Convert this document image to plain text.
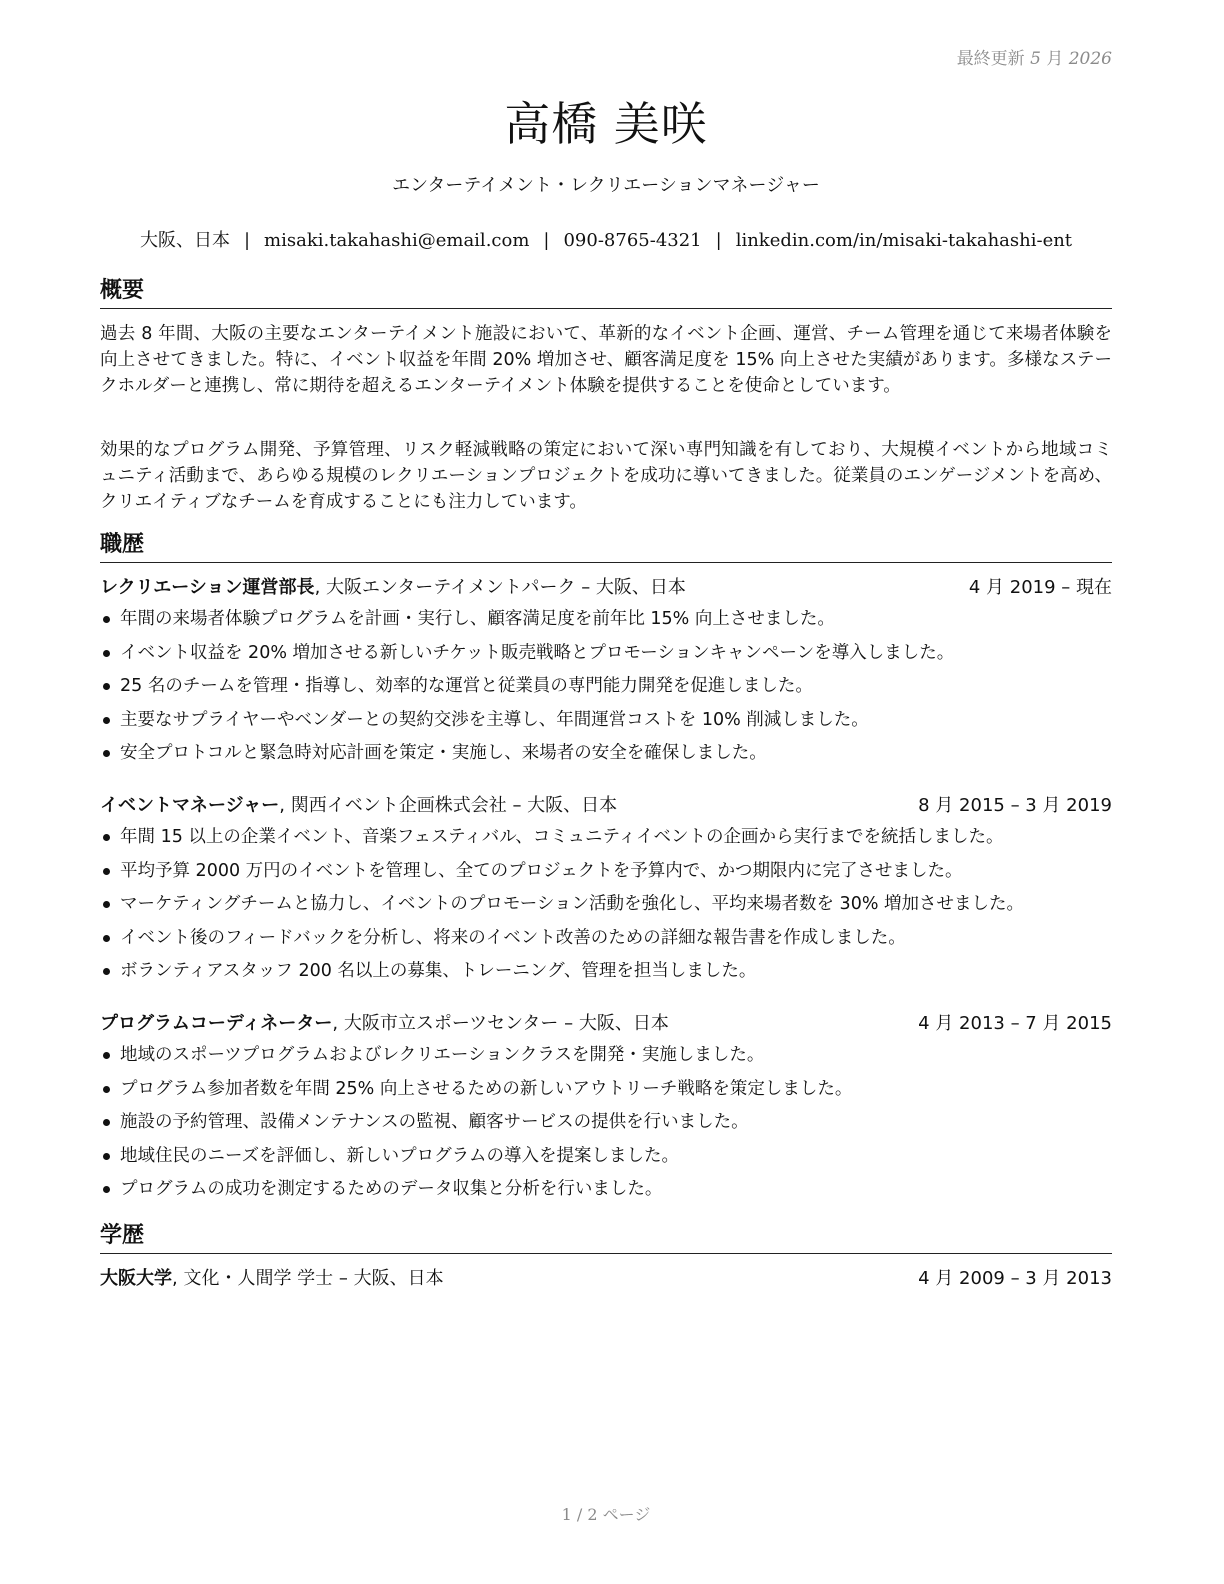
最終更新 5 月 2026
高橋 美咲
エンターテイメント・レクリエーションマネージャー
大阪、日本 | misaki.takahashi@email.com | 090-8765-4321 | linkedin.com/in/misaki-takahashi-ent
概要

過去 8 年間、大阪の主要なエンターテイメント施設において、革新的なイベント企画、運営、チーム管理を通じて来場者体験を向上させてきました。特に、イベント収益を年間 20% 増加させ、顧客満足度を 15% 向上させた実績があります。多様なステークホルダーと連携し、常に期待を超えるエンターテイメント体験を提供することを使命としています。

効果的なプログラム開発、予算管理、リスク軽減戦略の策定において深い専門知識を有しており、大規模イベントから地域コミュニティ活動まで、あらゆる規模のレクリエーションプロジェクトを成功に導いてきました。従業員のエンゲージメントを高め、クリエイティブなチームを育成することにも注力しています。

職歴
レクリエーション運営部長, 大阪エンターテイメントパーク – 大阪、日本	4 月 2019 – 現在
年間の来場者体験プログラムを計画・実行し、顧客満足度を前年比 15% 向上させました。
イベント収益を 20% 増加させる新しいチケット販売戦略とプロモーションキャンペーンを導入しました。
25 名のチームを管理・指導し、効率的な運営と従業員の専門能力開発を促進しました。
主要なサプライヤーやベンダーとの契約交渉を主導し、年間運営コストを 10% 削減しました。
安全プロトコルと緊急時対応計画を策定・実施し、来場者の安全を確保しました。
イベントマネージャー, 関西イベント企画株式会社 – 大阪、日本	8 月 2015 – 3 月 2019
年間 15 以上の企業イベント、音楽フェスティバル、コミュニティイベントの企画から実行までを統括しました。
平均予算 2000 万円のイベントを管理し、全てのプロジェクトを予算内で、かつ期限内に完了させました。
マーケティングチームと協力し、イベントのプロモーション活動を強化し、平均来場者数を 30% 増加させました。
イベント後のフィードバックを分析し、将来のイベント改善のための詳細な報告書を作成しました。
ボランティアスタッフ 200 名以上の募集、トレーニング、管理を担当しました。
プログラムコーディネーター, 大阪市立スポーツセンター – 大阪、日本	4 月 2013 – 7 月 2015
地域のスポーツプログラムおよびレクリエーションクラスを開発・実施しました。
プログラム参加者数を年間 25% 向上させるための新しいアウトリーチ戦略を策定しました。
施設の予約管理、設備メンテナンスの監視、顧客サービスの提供を行いました。
地域住民のニーズを評価し、新しいプログラムの導入を提案しました。
プログラムの成功を測定するためのデータ収集と分析を行いました。
学歴
大阪大学, 文化・人間学 学士 – 大阪、日本	4 月 2009 – 3 月 2013
1 / 2 ページ
